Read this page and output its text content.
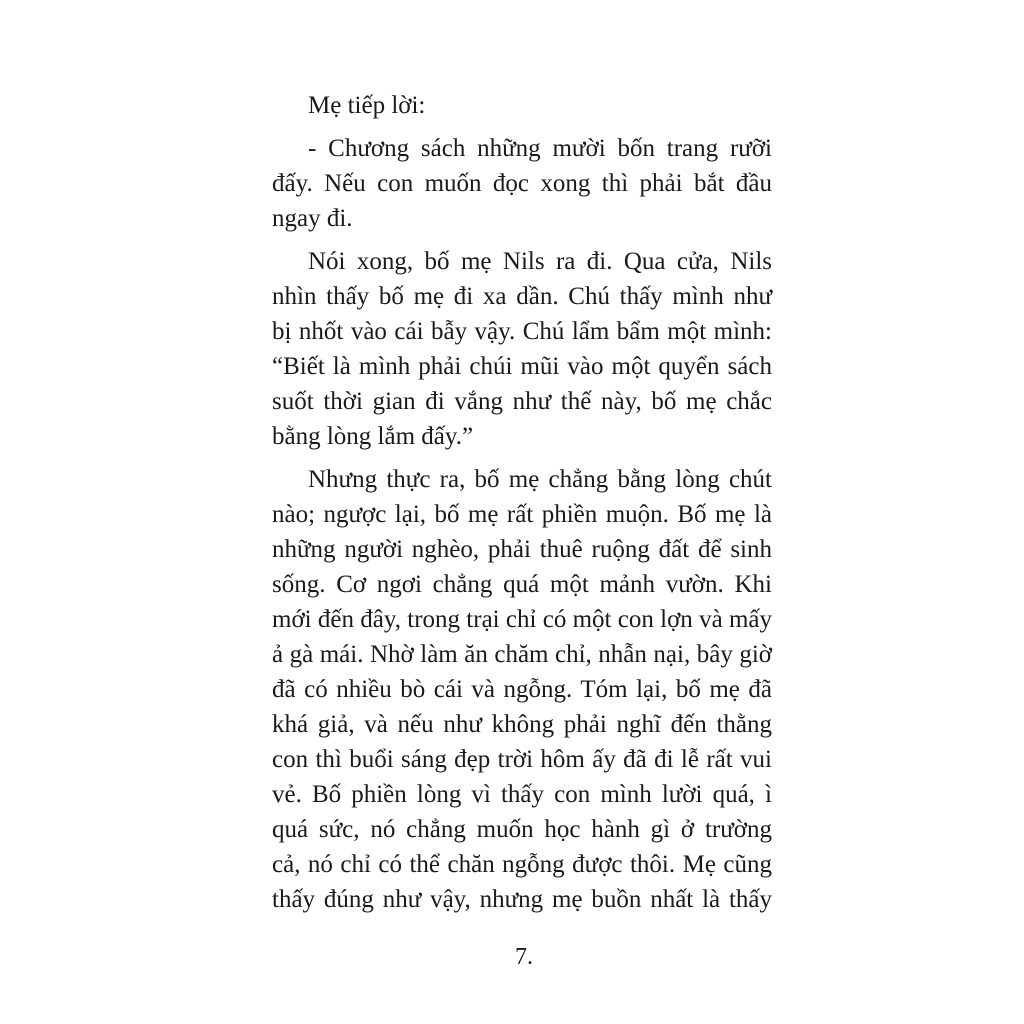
Mẹ tiếp lời:
- Chương sách những mười bốn trang rưỡi
đấy. Nếu con muốn đọc xong thì phải bắt đầu
ngay đi.
Nói xong, bố mẹ Nils ra đi. Qua cửa, Nils
nhìn thấy bố mẹ đi xa dần. Chú thấy mình như
bị nhốt vào cái bẫy vậy. Chú lẩm bẩm một mình:
“Biết là mình phải chúi mũi vào một quyển sách
suốt thời gian đi vắng như thế này, bố mẹ chắc
bằng lòng lắm đấy.”
Nhưng thực ra, bố mẹ chẳng bằng lòng chút
nào; ngược lại, bố mẹ rất phiền muộn. Bố mẹ là
những người nghèo, phải thuê ruộng đất để sinh
sống. Cơ ngơi chẳng quá một mảnh vườn. Khi
mới đến đây, trong trại chỉ có một con lợn và mấy
ả gà mái. Nhờ làm ăn chăm chỉ, nhẫn nại, bây giờ
đã có nhiều bò cái và ngỗng. Tóm lại, bố mẹ đã
khá giả, và nếu như không phải nghĩ đến thằng
con thì buổi sáng đẹp trời hôm ấy đã đi lễ rất vui
vẻ. Bố phiền lòng vì thấy con mình lười quá, ì
quá sức, nó chẳng muốn học hành gì ở trường
cả, nó chỉ có thể chăn ngỗng được thôi. Mẹ cũng
thấy đúng như vậy, nhưng mẹ buồn nhất là thấy
7.
